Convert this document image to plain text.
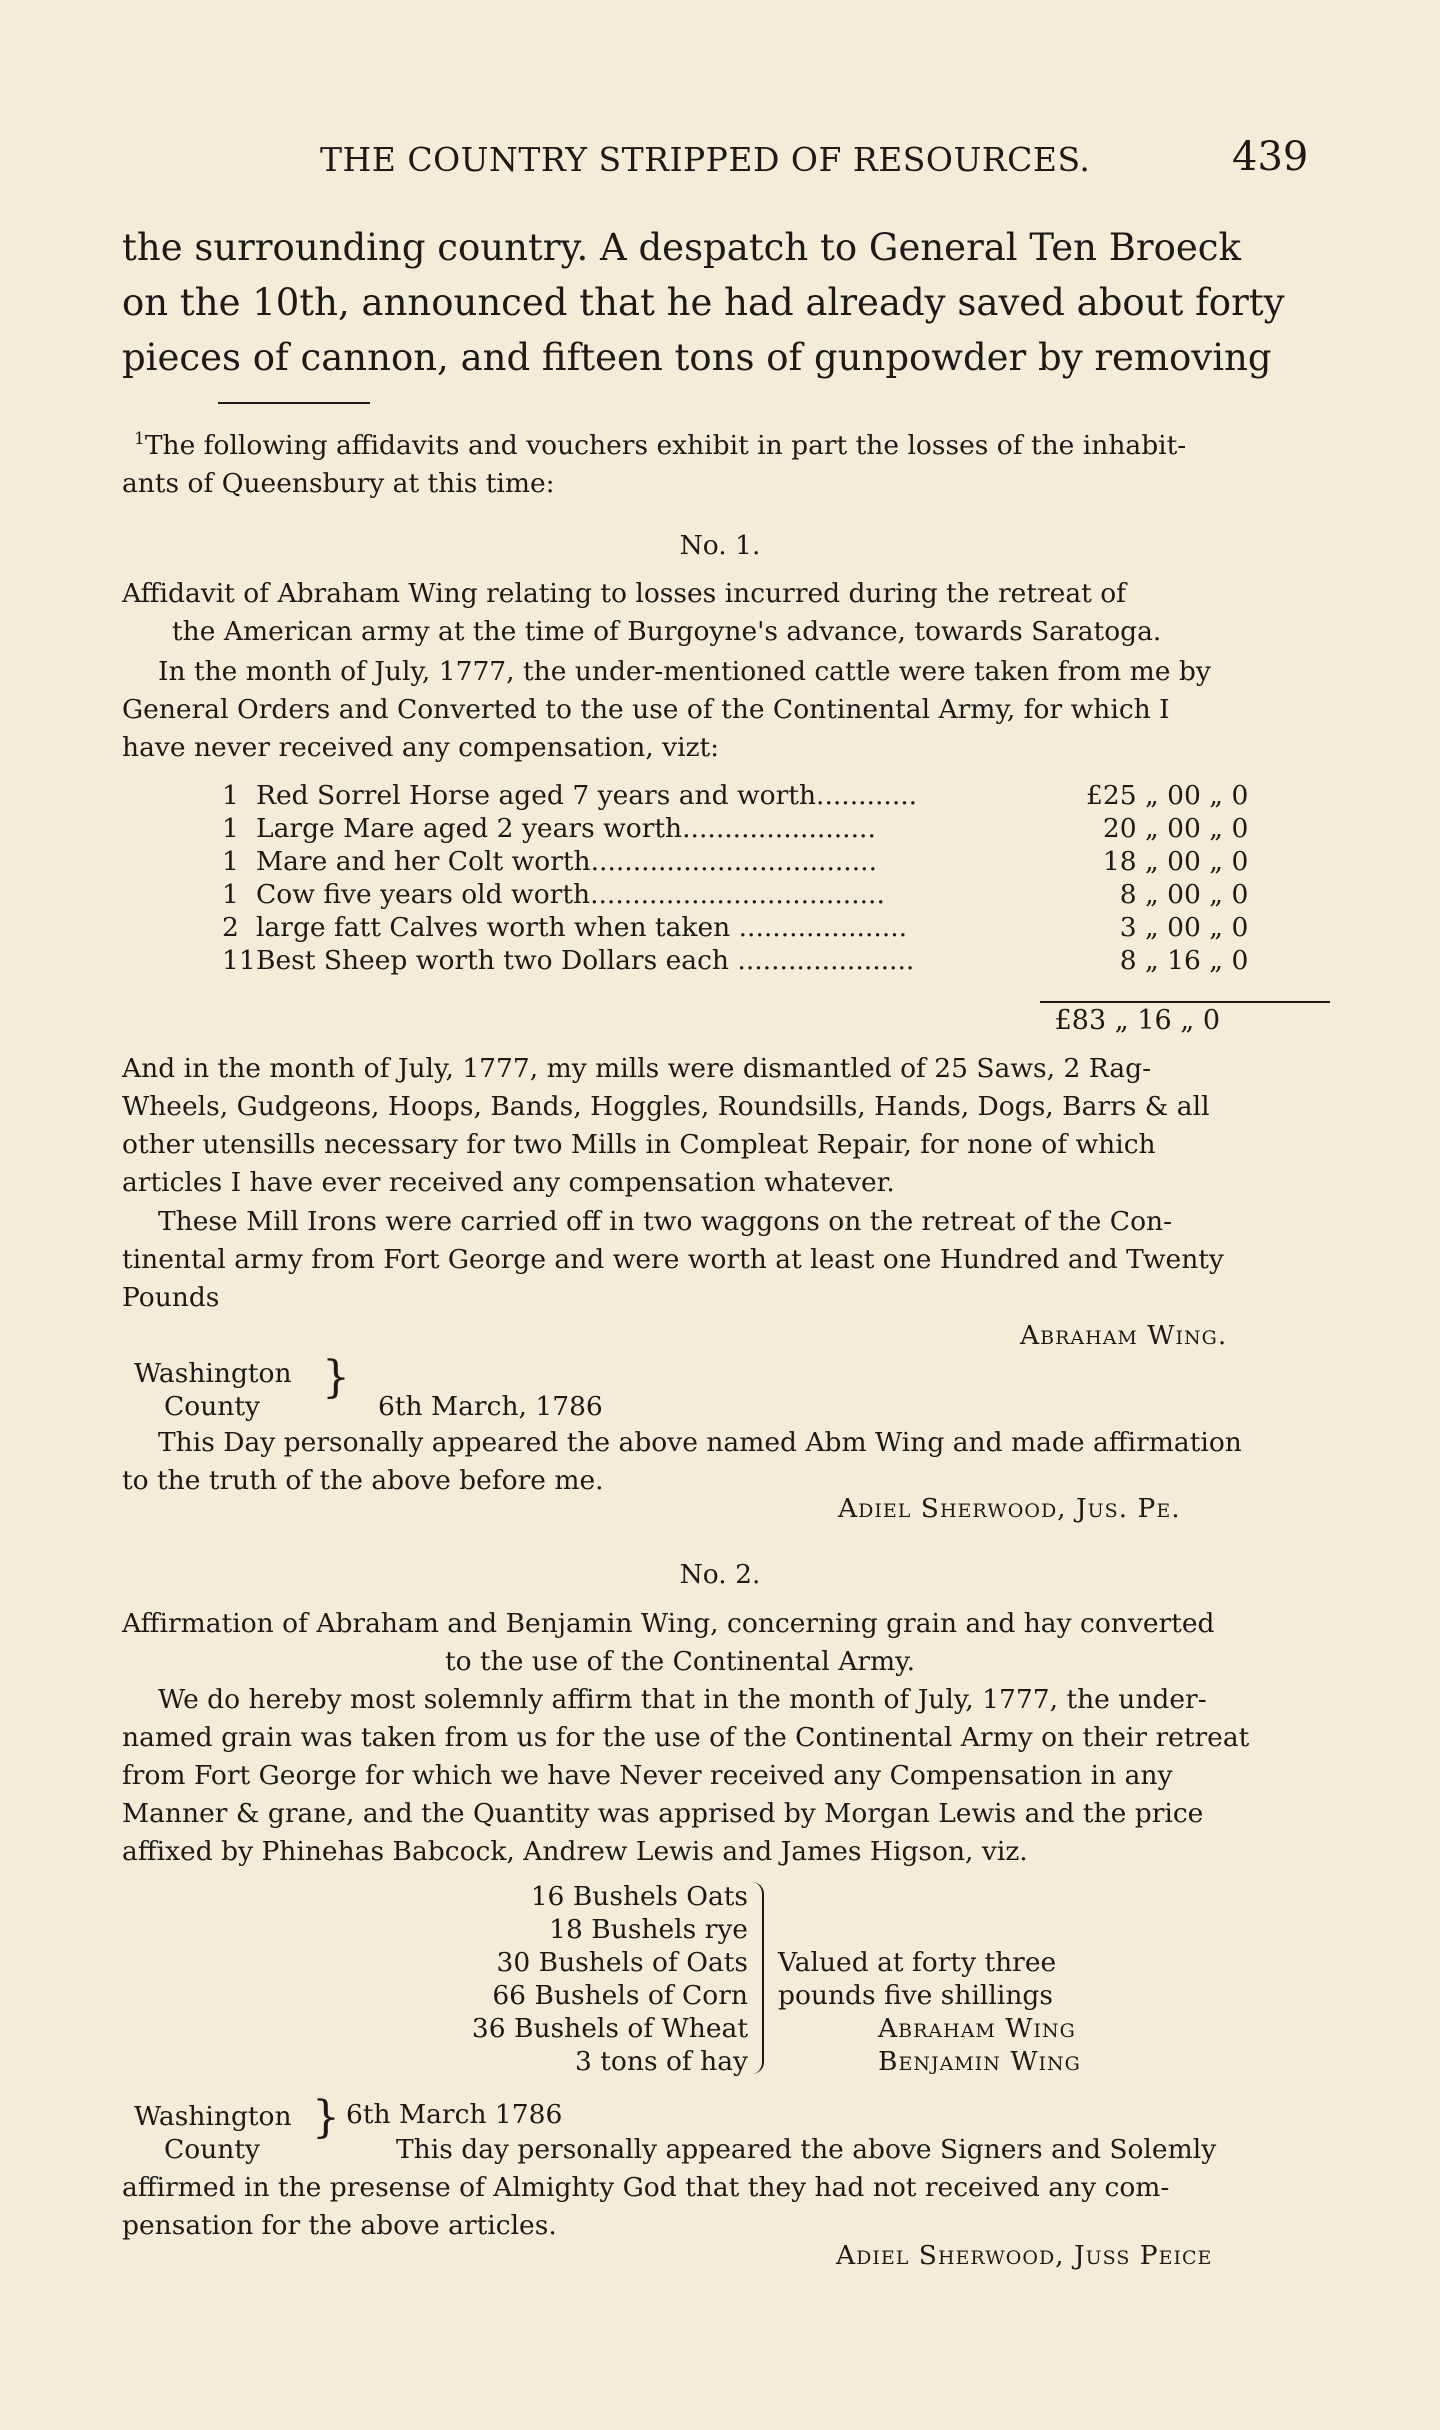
THE COUNTRY STRIPPED OF RESOURCES.	439
the surrounding country. A despatch to General Ten Broeck
on the 10th, announced that he had already saved about forty
pieces of cannon, and fifteen tons of gunpowder by removing
$^1$The following affidavits and vouchers exhibit in part the losses of the inhabit-
ants of Queensbury at this time:
No. 1.
Affidavit of Abraham Wing relating to losses incurred during the retreat of
the American army at the time of Burgoyne's advance, towards Saratoga.
In the month of July, 1777, the under-mentioned cattle were taken from me by
General Orders and Converted to the use of the Continental Army, for which I
have never received any compensation, vizt:
1	Red Sorrel Horse aged 7 years and worth............	£25 „ 00 „ 0
1	Large Mare aged 2 years worth.......................	20 „ 00 „ 0
1	Mare and her Colt worth..................................	18 „ 00 „ 0
1	Cow five years old worth...................................	8 „ 00 „ 0
2	large fatt Calves worth when taken ....................	3 „ 00 „ 0
11	Best Sheep worth two Dollars each .....................	8 „ 16 „ 0
£83 „ 16 „ 0
And in the month of July, 1777, my mills were dismantled of 25 Saws, 2 Rag-
Wheels, Gudgeons, Hoops, Bands, Hoggles, Roundsills, Hands, Dogs, Barrs & all
other utensills necessary for two Mills in Compleat Repair, for none of which
articles I have ever received any compensation whatever.
These Mill Irons were carried off in two waggons on the retreat of the Con-
tinental army from Fort George and were worth at least one Hundred and Twenty
Pounds
Abraham Wing.
Washington
County
}
6th March, 1786
This Day personally appeared the above named Abm Wing and made affirmation
to the truth of the above before me.
Adiel Sherwood, Jus. Pe.
No. 2.
Affirmation of Abraham and Benjamin Wing, concerning grain and hay converted
to the use of the Continental Army.
We do hereby most solemnly affirm that in the month of July, 1777, the under-
named grain was taken from us for the use of the Continental Army on their retreat
from Fort George for which we have Never received any Compensation in any
Manner & grane, and the Quantity was apprised by Morgan Lewis and the price
affixed by Phinehas Babcock, Andrew Lewis and James Higson, viz.
16 Bushels Oats
18 Bushels rye
30 Bushels of Oats
66 Bushels of Corn
36 Bushels of Wheat
3 tons of hay
Valued at forty three
pounds five shillings
Abraham Wing
Benjamin Wing
Washington
County
} 6th March 1786
This day personally appeared the above Signers and Solemly
affirmed in the presense of Almighty God that they had not received any com-
pensation for the above articles.
Adiel Sherwood, Juss Peice
